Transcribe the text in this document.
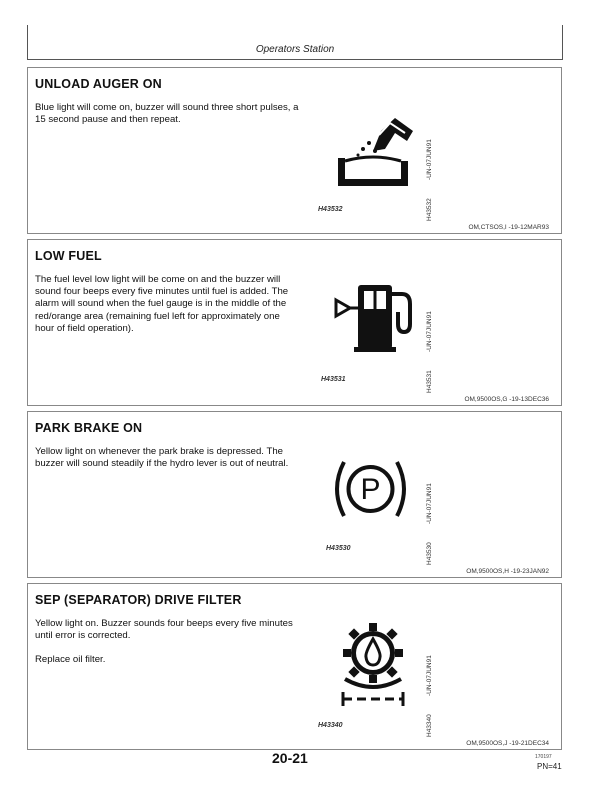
Operators Station
UNLOAD AUGER ON

Blue light will come on, buzzer will sound three short pulses, a 15 second pause and then repeat.

H43532
-UN-07JUN91
H43532
OM,CTSOS,I -19-12MAR93
LOW FUEL

The fuel level low light will be come on and the buzzer will sound four beeps every five minutes until fuel is added. The alarm will sound when the fuel gauge is in the middle of the red/orange area (remaining fuel left for approximately one hour of field operation).

H43531
-UN-07JUN91
H43531
OM,9500OS,G -19-13DEC36
PARK BRAKE ON

Yellow light on whenever the park brake is depressed. The buzzer will sound steadily if the hydro lever is out of neutral.

P
H43530
-UN-07JUN91
H43530
OM,9500OS,H -19-23JAN92
SEP (SEPARATOR) DRIVE FILTER

Yellow light on. Buzzer sounds four beeps every five minutes until error is corrected.

Replace oil filter.

H43340
-UN-07JUN91
H43340
OM,9500OS,J -19-21DEC34
20-21	170197
PN=41
